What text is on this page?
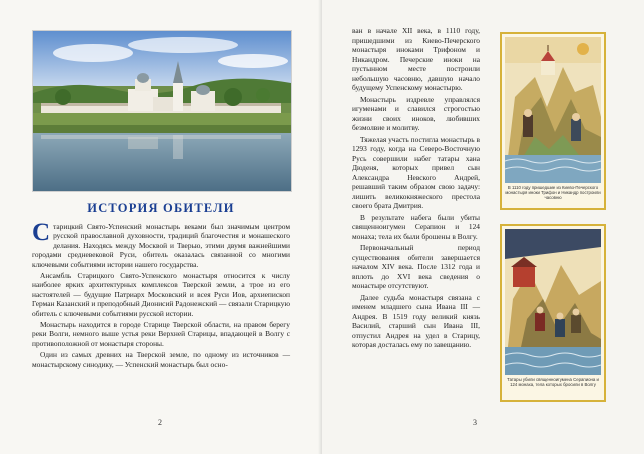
ИСТОРИЯ ОБИТЕЛИ

Старицкий Свято-Успенский монастырь веками был значимым центром русской православной духовности, традиций благочестия и монашеского делания. Находясь между Москвой и Тверью, этими двумя важнейшими городами средневековой Руси, обитель оказалась связанной со многими ключевыми событиями истории нашего государства.

Ансамбль Старицкого Свято-Успенского монастыря относится к числу наиболее ярких архитектурных комплексов Тверской земли, а трое из его настоятелей — будущие Патриарх Московский и всея Руси Иов, архиепископ Герман Казанский и преподобный Дионисий Радонежский — связали Старицкую обитель с ключевыми событиями русской истории.

Монастырь находится в городе Старице Тверской области, на правом берегу реки Волги, немного выше устья реки Верхней Старицы, впадающей в Волгу с противоположной от монастыря стороны.

Один из самых древних на Тверской земле, по одному из источников — монастырскому синодику, — Успенский монастырь был осно-

2

ван в начале XII века, в 1110 году, пришедшими из Киево-Печерского монастыря иноками Трифоном и Никандром. Печерские иноки на пустынном месте построили небольшую часовню, давшую начало будущему Успенскому монастырю.

Монастырь издревле управлялся игуменами и славился строгостью жизни своих иноков, любивших безмолвие и молитву.

Тяжелая участь постигла монастырь в 1293 году, когда на Северо-Восточную Русь совершили набег татары хана Дюденя, которых привел сын Александра Невского Андрей, решавший таким образом свою задачу: лишить великокняжеского престола своего брата Дмитрия.

В результате набега были убиты священноигумен Серапион и 124 монаха; тела их были брошены в Волгу.

Первоначальный период существования обители завершается началом XIV века. После 1312 года и вплоть до XVI века сведения о монастыре отсутствуют.

Далее судьба монастыря связана с именем младшего сына Ивана III — Андрея. В 1519 году великий князь Василий, старший сын Ивана III, отпустил Андрея на удел в Старицу, которая досталась ему по завещанию.

В 1110 году пришедшие из Киево-Печерского монастыря иноки Трифон и Никандр построили часовню
Татары убили священноигумена Серапиона и 124 монаха, тела которых бросили в Волгу
3
